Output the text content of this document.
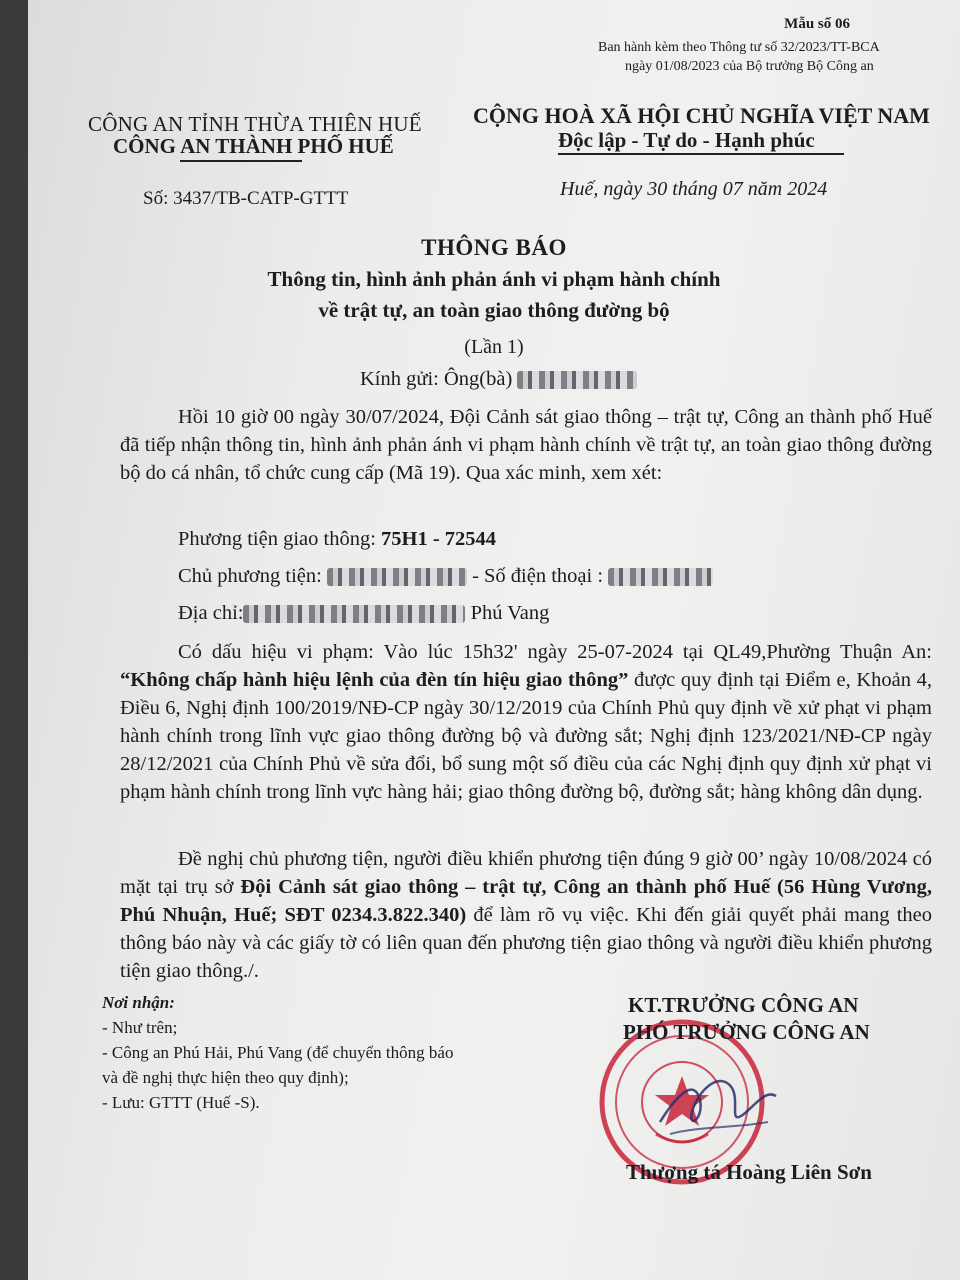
Mẫu số 06
Ban hành kèm theo Thông tư số 32/2023/TT-BCA
ngày 01/08/2023 của Bộ trưởng Bộ Công an
CÔNG AN TỈNH THỪA THIÊN HUẾ
CÔNG AN THÀNH PHỐ HUẾ
CỘNG HOÀ XÃ HỘI CHỦ NGHĨA VIỆT NAM
Độc lập - Tự do - Hạnh phúc
Số: 3437/TB-CATP-GTTT	Huế, ngày 30 tháng 07 năm 2024
THÔNG BÁO
Thông tin, hình ảnh phản ánh vi phạm hành chính
về trật tự, an toàn giao thông đường bộ
(Lần 1)
Kính gửi: Ông(bà)
Hồi 10 giờ 00 ngày 30/07/2024, Đội Cảnh sát giao thông – trật tự, Công an thành phố Huế đã tiếp nhận thông tin, hình ảnh phản ánh vi phạm hành chính về trật tự, an toàn giao thông đường bộ do cá nhân, tổ chức cung cấp (Mã 19). Qua xác minh, xem xét:
Phương tiện giao thông: 75H1 - 72544
Chủ phương tiện:	- Số điện thoại :
Địa chỉ:	Phú Vang
Có dấu hiệu vi phạm: Vào lúc 15h32' ngày 25-07-2024 tại QL49,Phường Thuận An: “Không chấp hành hiệu lệnh của đèn tín hiệu giao thông” được quy định tại Điểm e, Khoản 4, Điều 6, Nghị định 100/2019/NĐ-CP ngày 30/12/2019 của Chính Phủ quy định về xử phạt vi phạm hành chính trong lĩnh vực giao thông đường bộ và đường sắt; Nghị định 123/2021/NĐ-CP ngày 28/12/2021 của Chính Phủ về sửa đổi, bổ sung một số điều của các Nghị định quy định xử phạt vi phạm hành chính trong lĩnh vực hàng hải; giao thông đường bộ, đường sắt; hàng không dân dụng.
Đề nghị chủ phương tiện, người điều khiển phương tiện đúng 9 giờ 00’ ngày 10/08/2024 có mặt tại trụ sở Đội Cảnh sát giao thông – trật tự, Công an thành phố Huế (56 Hùng Vương, Phú Nhuận, Huế; SĐT 0234.3.822.340) để làm rõ vụ việc. Khi đến giải quyết phải mang theo thông báo này và các giấy tờ có liên quan đến phương tiện giao thông và người điều khiển phương tiện giao thông./.
Nơi nhận:
- Như trên;
- Công an Phú Hải, Phú Vang (để chuyển thông báo
và đề nghị thực hiện theo quy định);
- Lưu: GTTT (Huế -S).
KT.TRƯỞNG CÔNG AN
PHÓ TRƯỞNG CÔNG AN
Thượng tá Hoàng Liên Sơn
